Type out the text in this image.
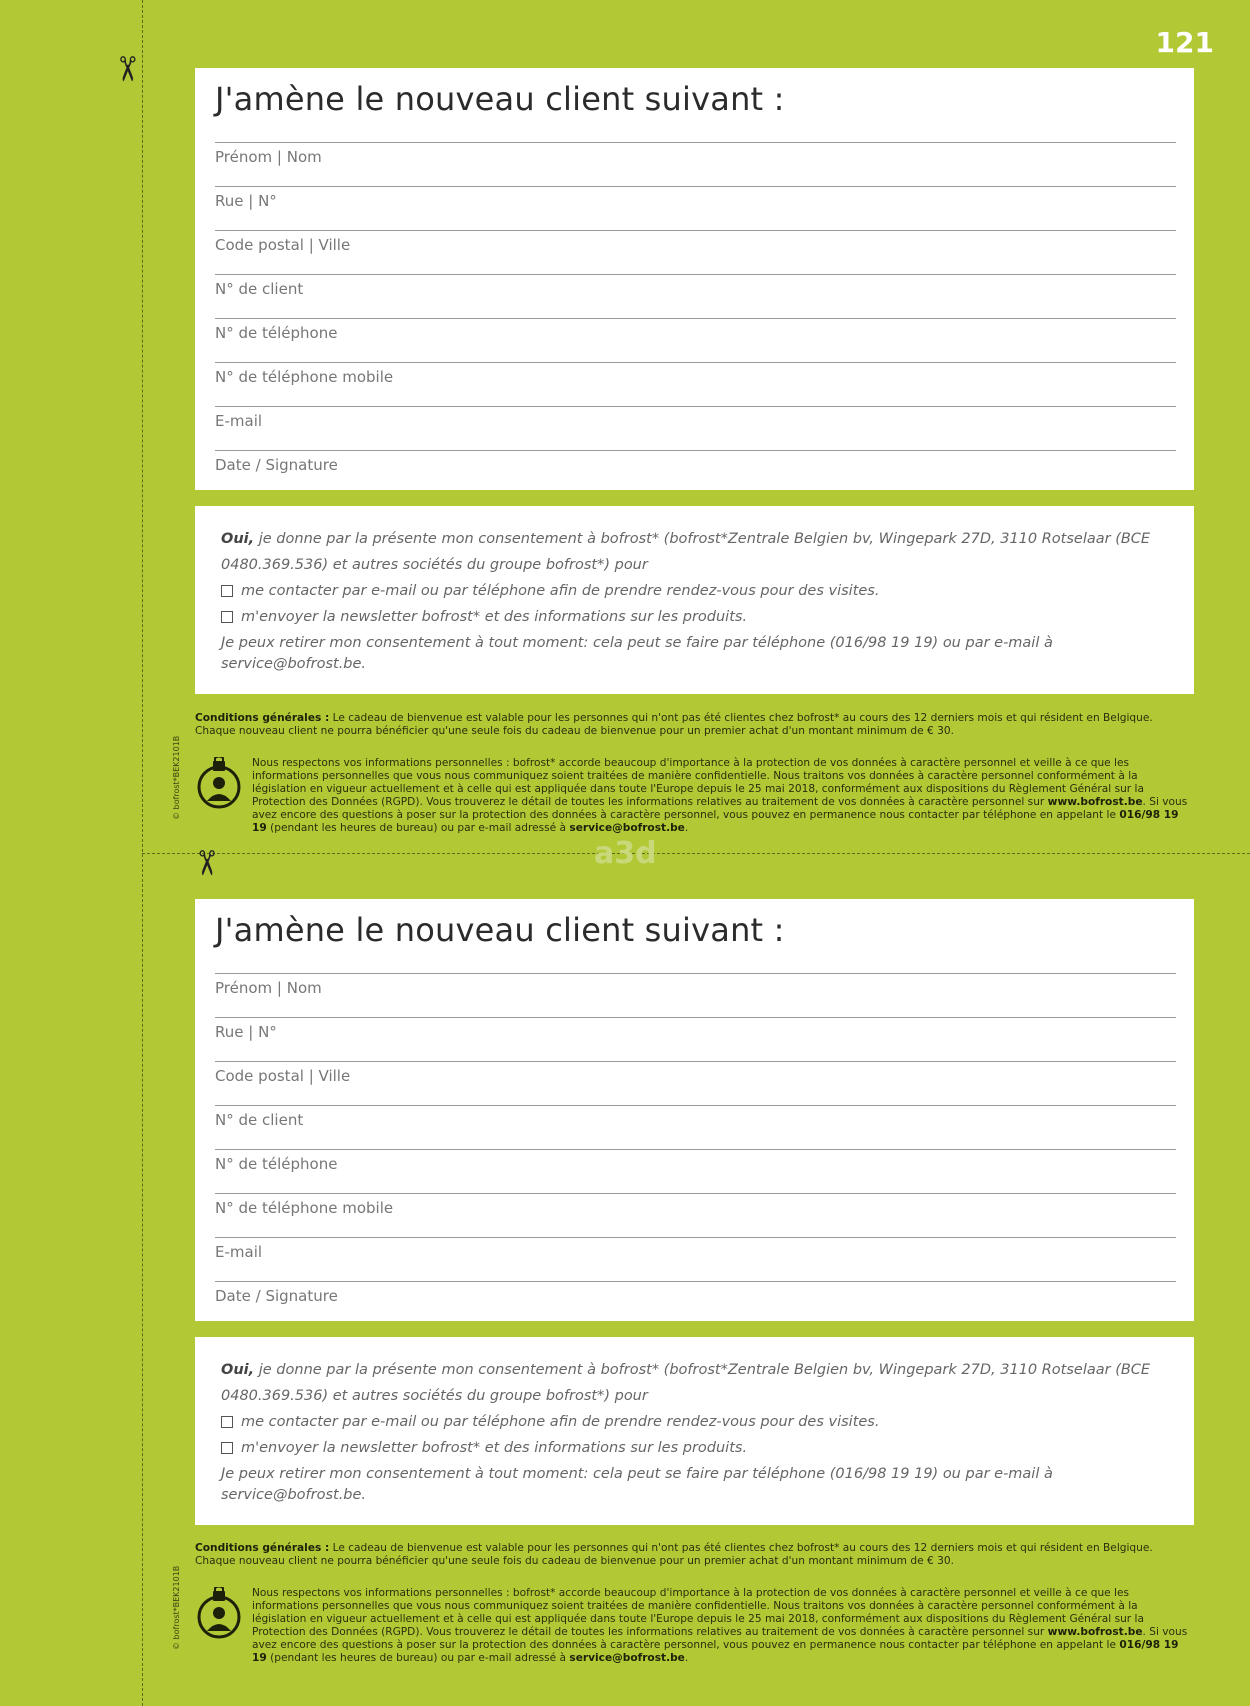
✂
✂
121
a3d
J'amène le nouveau client suivant :
Prénom | Nom
Rue | N°
Code postal | Ville
N° de client
N° de téléphone
N° de téléphone mobile
E-mail
Date / Signature

Oui, je donne par la présente mon consentement à bofrost* (bofrost*Zentrale Belgien bv, Wingepark 27D, 3110 Rotselaar (BCE 0480.369.536) et autres sociétés du groupe bofrost*) pour

me contacter par e-mail ou par téléphone afin de prendre rendez-vous pour des visites.

m'envoyer la newsletter bofrost* et des informations sur les produits.

Je peux retirer mon consentement à tout moment: cela peut se faire par téléphone (016/98 19 19) ou par e-mail à service@bofrost.be.

Conditions générales : Le cadeau de bienvenue est valable pour les personnes qui n'ont pas été clientes chez bofrost* au cours des 12 derniers mois et qui résident en Belgique. Chaque nouveau client ne pourra bénéficier qu'une seule fois du cadeau de bienvenue pour un premier achat d'un montant minimum de € 30.
Nous respectons vos informations personnelles : bofrost* accorde beaucoup d'importance à la protection de vos données à caractère personnel et veille à ce que les informations personnelles que vous nous communiquez soient traitées de manière confidentielle. Nous traitons vos données à caractère personnel conformément à la législation en vigueur actuellement et à celle qui est appliquée dans toute l'Europe depuis le 25 mai 2018, conformément aux dispositions du Règlement Général sur la Protection des Données (RGPD). Vous trouverez le détail de toutes les informations relatives au traitement de vos données à caractère personnel sur www.bofrost.be. Si vous avez encore des questions à poser sur la protection des données à caractère personnel, vous pouvez en permanence nous contacter par téléphone en appelant le 016/98 19 19 (pendant les heures de bureau) ou par e-mail adressé à service@bofrost.be.
© bofrost*BEK2101B
J'amène le nouveau client suivant :
Prénom | Nom
Rue | N°
Code postal | Ville
N° de client
N° de téléphone
N° de téléphone mobile
E-mail
Date / Signature

Oui, je donne par la présente mon consentement à bofrost* (bofrost*Zentrale Belgien bv, Wingepark 27D, 3110 Rotselaar (BCE 0480.369.536) et autres sociétés du groupe bofrost*) pour

me contacter par e-mail ou par téléphone afin de prendre rendez-vous pour des visites.

m'envoyer la newsletter bofrost* et des informations sur les produits.

Je peux retirer mon consentement à tout moment: cela peut se faire par téléphone (016/98 19 19) ou par e-mail à service@bofrost.be.

Conditions générales : Le cadeau de bienvenue est valable pour les personnes qui n'ont pas été clientes chez bofrost* au cours des 12 derniers mois et qui résident en Belgique. Chaque nouveau client ne pourra bénéficier qu'une seule fois du cadeau de bienvenue pour un premier achat d'un montant minimum de € 30.
Nous respectons vos informations personnelles : bofrost* accorde beaucoup d'importance à la protection de vos données à caractère personnel et veille à ce que les informations personnelles que vous nous communiquez soient traitées de manière confidentielle. Nous traitons vos données à caractère personnel conformément à la législation en vigueur actuellement et à celle qui est appliquée dans toute l'Europe depuis le 25 mai 2018, conformément aux dispositions du Règlement Général sur la Protection des Données (RGPD). Vous trouverez le détail de toutes les informations relatives au traitement de vos données à caractère personnel sur www.bofrost.be. Si vous avez encore des questions à poser sur la protection des données à caractère personnel, vous pouvez en permanence nous contacter par téléphone en appelant le 016/98 19 19 (pendant les heures de bureau) ou par e-mail adressé à service@bofrost.be.
© bofrost*BEK2101B
